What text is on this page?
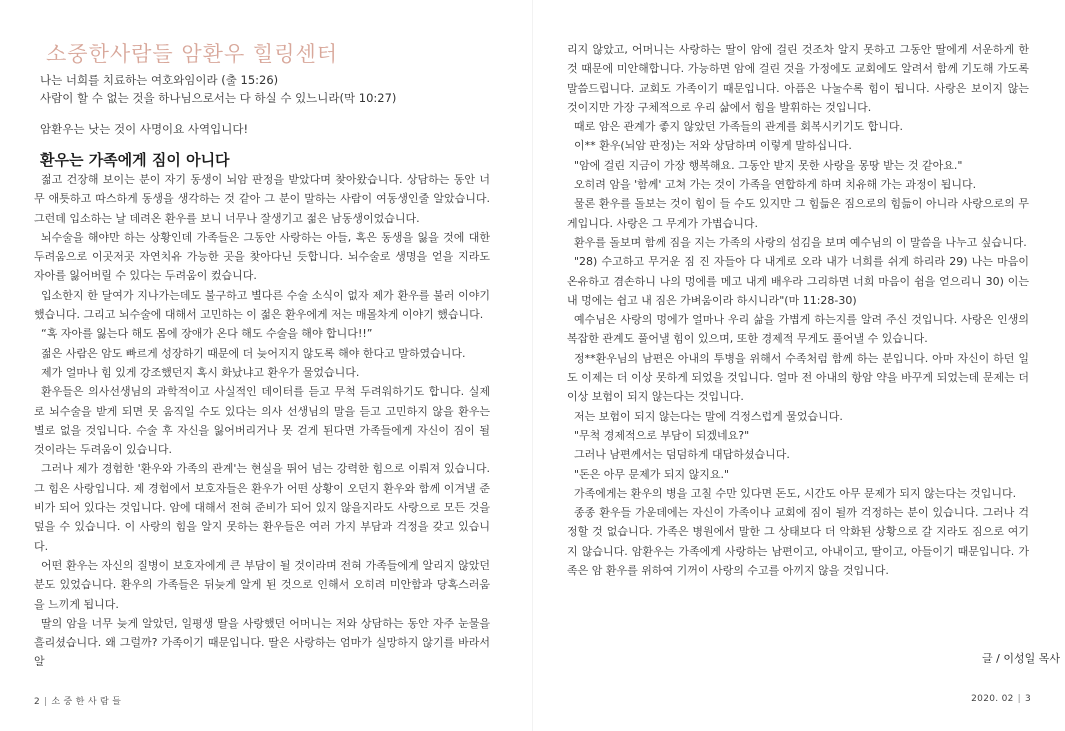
소중한사람들 암환우 힐링센터
나는 너희를 치료하는 여호와임이라 (출 15:26)
사람이 할 수 없는 것을 하나님으로서는 다 하실 수 있느니라(막 10:27)
암환우는 낫는 것이 사명이요 사역입니다!
환우는 가족에게 짐이 아니다

젊고 건장해 보이는 분이 자기 동생이 뇌암 판정을 받았다며 찾아왔습니다. 상담하는 동안 너무 애틋하고 따스하게 동생을 생각하는 것 같아 그 분이 말하는 사람이 여동생인줄 알았습니다. 그런데 입소하는 날 데려온 환우를 보니 너무나 잘생기고 젊은 남동생이었습니다.

뇌수술을 해야만 하는 상황인데 가족들은 그동안 사랑하는 아들, 혹은 동생을 잃을 것에 대한 두려움으로 이곳저곳 자연치유 가능한 곳을 찾아다닌 듯합니다. 뇌수술로 생명을 얻을 지라도 자아를 잃어버릴 수 있다는 두려움이 컸습니다.

입소한지 한 달여가 지나가는데도 불구하고 별다른 수술 소식이 없자 제가 환우를 불러 이야기했습니다. 그리고 뇌수술에 대해서 고민하는 이 젊은 환우에게 저는 매몰차게 이야기 했습니다.

“혹 자아를 잃는다 해도 몸에 장애가 온다 해도 수술을 해야 합니다!!”

젊은 사람은 암도 빠르게 성장하기 때문에 더 늦어지지 않도록 해야 한다고 말하였습니다.

제가 얼마나 힘 있게 강조했던지 혹시 화났냐고 환우가 물었습니다.

환우들은 의사선생님의 과학적이고 사실적인 데이터를 듣고 무척 두려워하기도 합니다. 실제로 뇌수술을 받게 되면 못 움직일 수도 있다는 의사 선생님의 말을 듣고 고민하지 않을 환우는 별로 없을 것입니다. 수술 후 자신을 잃어버리거나 못 걷게 된다면 가족들에게 자신이 짐이 될 것이라는 두려움이 있습니다.

그러나 제가 경험한 '환우와 가족의 관계'는 현실을 뛰어 넘는 강력한 힘으로 이뤄져 있습니다. 그 힘은 사랑입니다. 제 경험에서 보호자들은 환우가 어떤 상황이 오던지 환우와 함께 이겨낼 준비가 되어 있다는 것입니다. 암에 대해서 전혀 준비가 되어 있지 않을지라도 사랑으로 모든 것을 덮을 수 있습니다. 이 사랑의 힘을 알지 못하는 환우들은 여러 가지 부담과 걱정을 갖고 있습니다.

어떤 환우는 자신의 질병이 보호자에게 큰 부담이 될 것이라며 전혀 가족들에게 알리지 않았던 분도 있었습니다. 환우의 가족들은 뒤늦게 알게 된 것으로 인해서 오히려 미안함과 당혹스러움을 느끼게 됩니다.

딸의 암을 너무 늦게 알았던, 일평생 딸을 사랑했던 어머니는 저와 상담하는 동안 자주 눈물을 흘리셨습니다. 왜 그럴까? 가족이기 때문입니다. 딸은 사랑하는 엄마가 실망하지 않기를 바라서 알

리지 않았고, 어머니는 사랑하는 딸이 암에 걸린 것조차 알지 못하고 그동안 딸에게 서운하게 한 것 때문에 미안해합니다. 가능하면 암에 걸린 것을 가정에도 교회에도 알려서 함께 기도해 가도록 말씀드립니다. 교회도 가족이기 때문입니다. 아픔은 나눌수록 힘이 됩니다. 사랑은 보이지 않는 것이지만 가장 구체적으로 우리 삶에서 힘을 발휘하는 것입니다.

때로 암은 관계가 좋지 않았던 가족들의 관계를 회복시키기도 합니다.

이** 환우(뇌암 판정)는 저와 상담하며 이렇게 말하십니다.

"암에 걸린 지금이 가장 행복해요. 그동안 받지 못한 사랑을 몽땅 받는 것 같아요."

오히려 암을 '함께' 고쳐 가는 것이 가족을 연합하게 하며 치유해 가는 과정이 됩니다.

물론 환우를 돌보는 것이 힘이 들 수도 있지만 그 힘듦은 짐으로의 힘듦이 아니라 사랑으로의 무게입니다. 사랑은 그 무게가 가볍습니다.

환우를 돌보며 함께 짐을 지는 가족의 사랑의 섬김을 보며 예수님의 이 말씀을 나누고 싶습니다.

"28) 수고하고 무거운 짐 진 자들아 다 내게로 오라 내가 너희를 쉬게 하리라 29) 나는 마음이 온유하고 겸손하니 나의 멍에를 메고 내게 배우라 그리하면 너희 마음이 쉼을 얻으리니 30) 이는 내 멍에는 쉽고 내 짐은 가벼움이라 하시니라"(마 11:28-30)

예수님은 사랑의 멍에가 얼마나 우리 삶을 가볍게 하는지를 알려 주신 것입니다. 사랑은 인생의 복잡한 관계도 풀어낼 힘이 있으며, 또한 경제적 무게도 풀어낼 수 있습니다.

정**환우님의 남편은 아내의 투병을 위해서 수족처럼 함께 하는 분입니다. 아마 자신이 하던 일도 이제는 더 이상 못하게 되었을 것입니다. 얼마 전 아내의 항암 약을 바꾸게 되었는데 문제는 더 이상 보험이 되지 않는다는 것입니다.

저는 보험이 되지 않는다는 말에 걱정스럽게 물었습니다.

"무척 경제적으로 부담이 되겠네요?"

그러나 남편께서는 덤덤하게 대답하셨습니다.

"돈은 아무 문제가 되지 않지요."

가족에게는 환우의 병을 고칠 수만 있다면 돈도, 시간도 아무 문제가 되지 않는다는 것입니다.

종종 환우들 가운데에는 자신이 가족이나 교회에 짐이 될까 걱정하는 분이 있습니다. 그러나 걱정할 것 없습니다. 가족은 병원에서 말한 그 상태보다 더 악화된 상황으로 갈 지라도 짐으로 여기지 않습니다. 암환우는 가족에게 사랑하는 남편이고, 아내이고, 딸이고, 아들이기 때문입니다. 가족은 암 환우를 위하여 기꺼이 사랑의 수고를 아끼지 않을 것입니다.

글 / 이성일 목사
2 | 소 중 한 사 람 들	2020. 02 | 3
